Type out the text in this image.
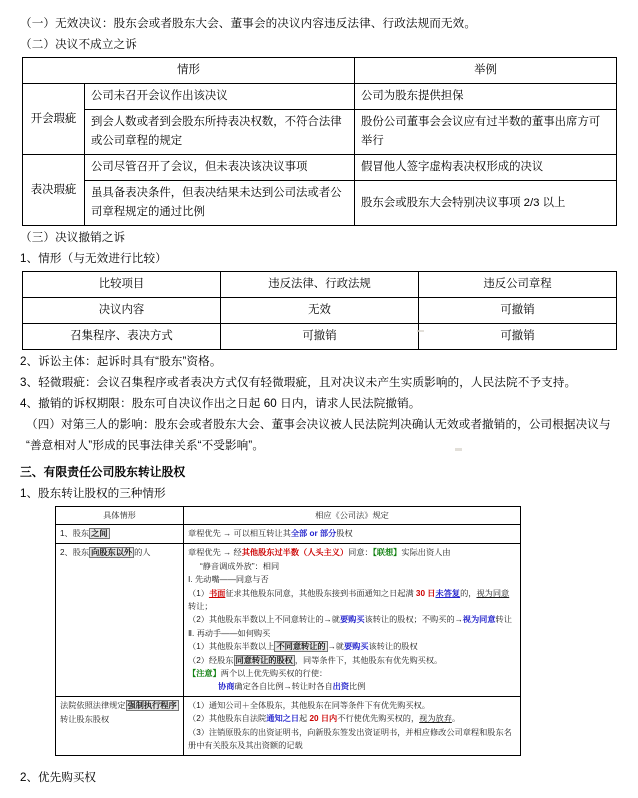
（一）无效决议：股东会或者股东大会、董事会的决议内容违反法律、行政法规而无效。

（二）决议不成立之诉

情形		举例
开会瑕疵	公司未召开会议作出该决议	公司为股东提供担保
	到会人数或者到会股东所持表决权数，不符合法律或公司章程的规定	股份公司董事会会议应有过半数的董事出席方可举行
表决瑕疵	公司尽管召开了会议，但未表决该决议事项	假冒他人签字虚构表决权形成的决议
	虽具备表决条件，但表决结果未达到公司法或者公司章程规定的通过比例	股东会或股东大会特别决议事项 2/3 以上

（三）决议撤销之诉

1、情形（与无效进行比较）

比较项目	违反法律、行政法规	违反公司章程
决议内容	无效	可撤销
召集程序、表决方式	可撤销	可撤销

2、诉讼主体：起诉时具有“股东”资格。

3、轻微瑕疵：会议召集程序或者表决方式仅有轻微瑕疵，且对决议未产生实质影响的，人民法院不予支持。

4、撤销的诉权期限：股东可自决议作出之日起 60 日内，请求人民法院撤销。

（四）对第三人的影响：股东会或者股东大会、董事会决议被人民法院判决确认无效或者撤销的，公司根据决议与

“善意相对人”形成的民事法律关系“不受影响”。

三、有限责任公司股东转让股权

1、股东转让股权的三种情形

具体情形	相应《公司法》规定
1、股东 之间	章程优先 → 可以相互转让其全部 or 部分股权

2、股东 向股东以外 的人	章程优先 → 经其他股东过半数（人头主义）同意：【联想】实际出资人由
“静音调成外放”：相同
Ⅰ. 先动嘴——同意与否
（1）书面征求其他股东同意，其他股东接到书面通知之日起满 30 日未答复的，视为同意转让；
（2）其他股东半数以上不同意转让的→就要购买该转让的股权；不购买的→视为同意转让
Ⅱ. 再动手——如何购买
（1）其他股东半数以上 不同意转让的 →就要购买该转让的股权
（2）经股东 同意转让的股权 ，同等条件下，其他股东有优先购买权。
【注意】两个以上优先购买权的行使：
协商确定各自比例→转让时各自出资比例

法院依照法律规定 强制执行程序转让股东股权	（1）通知公司＋全体股东，其他股东在同等条件下有优先购买权。
（2）其他股东自法院通知之日起 20 日内不行使优先购买权的，视为放弃。
（3）注销原股东的出资证明书，向新股东签发出资证明书，并相应修改公司章程和股东名册中有关股东及其出资额的记载

2、优先购买权
